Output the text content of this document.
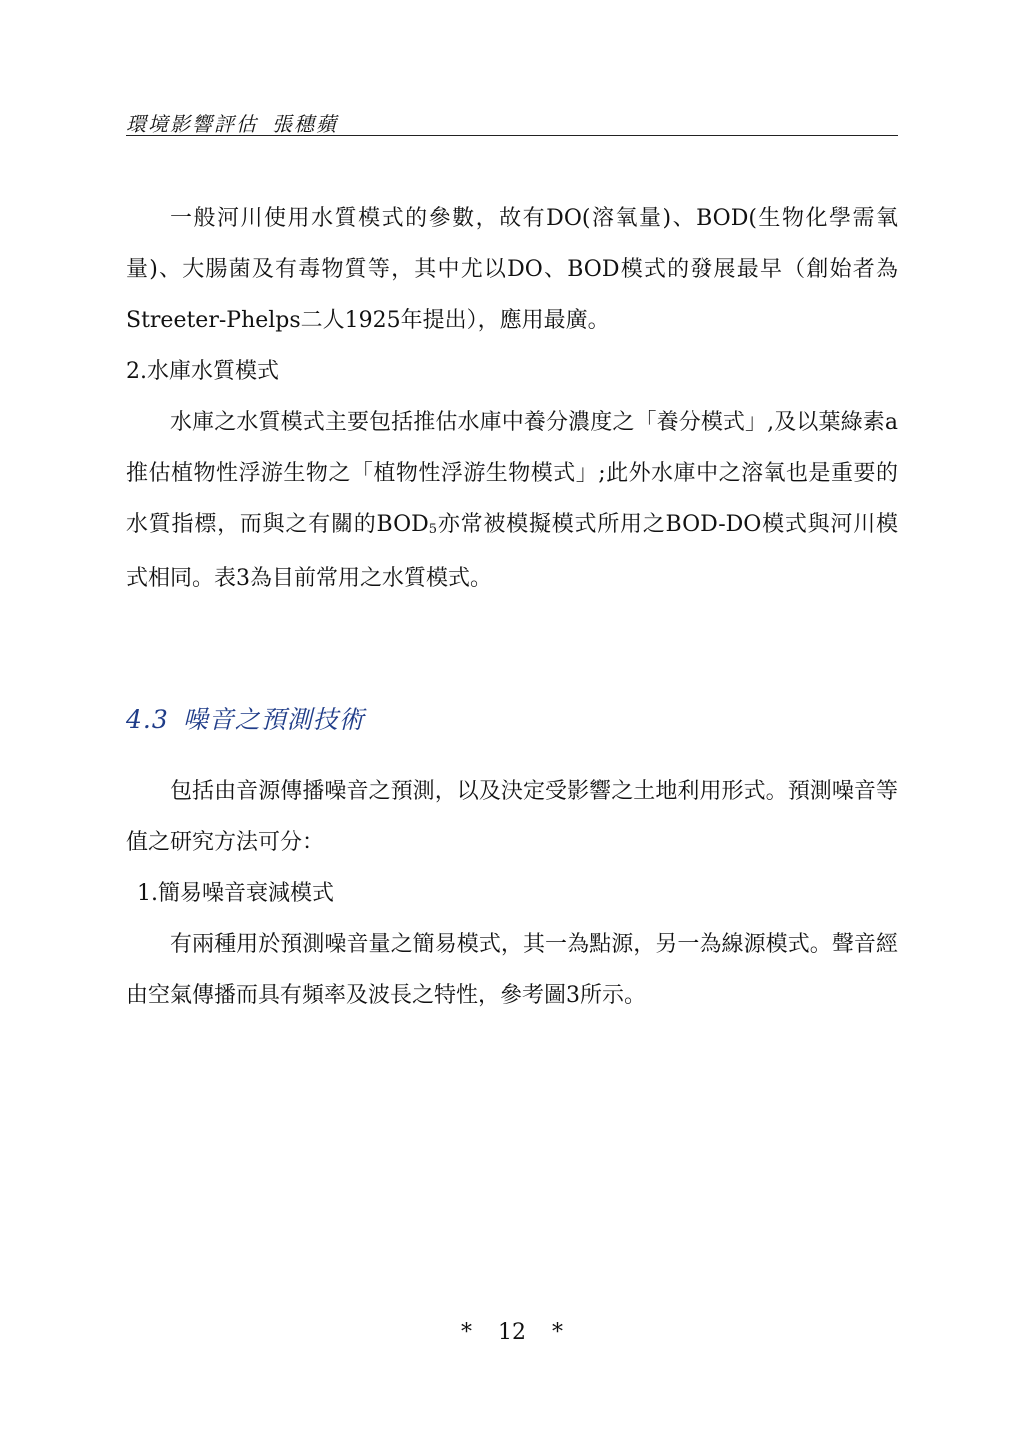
環境影響評估 張穗蘋

一般河川使用水質模式的參數，故有DO(溶氧量)、BOD(生物化學需氧量)、大腸菌及有毒物質等，其中尤以DO、BOD模式的發展最早（創始者為Streeter-Phelps二人1925年提出），應用最廣。

2.水庫水質模式

水庫之水質模式主要包括推估水庫中養分濃度之「養分模式」,及以葉綠素a推估植物性浮游生物之「植物性浮游生物模式」;此外水庫中之溶氧也是重要的水質指標，而與之有關的$BOD_5$亦常被模擬模式所用之BOD-DO模式與河川模式相同。表3為目前常用之水質模式。

4.3 噪音之預測技術

包括由音源傳播噪音之預測，以及決定受影響之土地利用形式。預測噪音等值之研究方法可分：

1.簡易噪音衰減模式

有兩種用於預測噪音量之簡易模式，其一為點源，另一為線源模式。聲音經由空氣傳播而具有頻率及波長之特性，參考圖3所示。

* 12 *
